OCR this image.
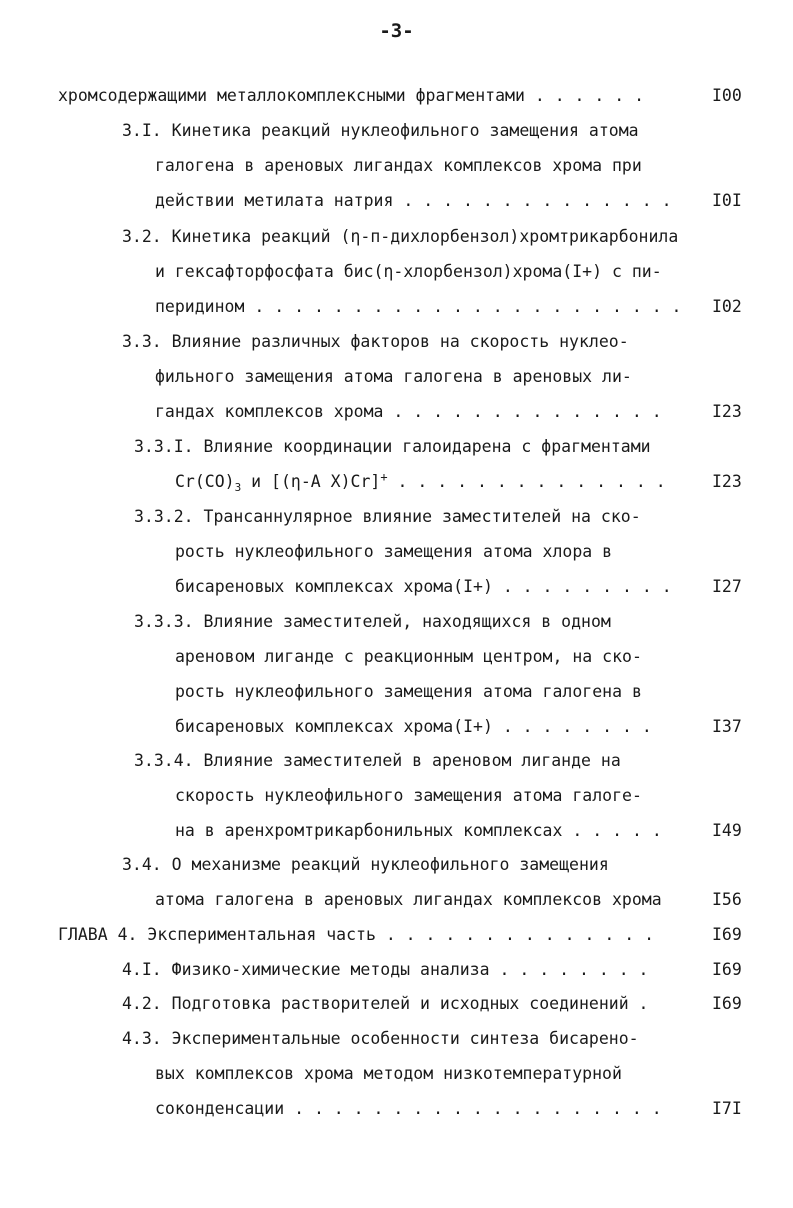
-3-
хромсодержащими металлокомплексными фрагментами . . . . . .	I00
3.I. Кинетика реакций нуклеофильного замещения атома
галогена в ареновых лигандах комплексов хрома при
действии метилата натрия . . . . . . . . . . . . . . I0I
3.2. Кинетика реакций (η-п-дихлорбензол)хромтрикарбонила
и гексафторфосфата бис(η-хлорбензол)хрома(I+) с пи-
перидином . . . . . . . . . . . . . . . . . . . . . . I02
3.3. Влияние различных факторов на скорость нуклео-
фильного замещения атома галогена в ареновых ли-
гандах комплексов хрома . . . . . . . . . . . . . .	I23
3.3.I. Влияние координации галоидарена с фрагментами
$Cr(CO)_3$ и [(η-A X)Cr]+ . . . . . . . . . . . . . .	I23
3.3.2. Трансаннулярное влияние заместителей на ско-
рость нуклеофильного замещения атома хлора в
бисареновых комплексах хрома(I+) . . . . . . . . . I27
3.3.3. Влияние заместителей, находящихся в одном
ареновом лиганде с реакционным центром, на ско-
рость нуклеофильного замещения атома галогена в
бисареновых комплексах хрома(I+) . . . . . . . .	I37
3.3.4. Влияние заместителей в ареновом лиганде на
скорость нуклеофильного замещения атома галоге-
на в аренхромтрикарбонильных комплексах . . . . .	I49
3.4. О механизме реакций нуклеофильного замещения
атома галогена в ареновых лигандах комплексов хрома	I56
ГЛАВА 4. Экспериментальная часть . . . . . . . . . . . . . .	I69
4.I. Физико-химические методы анализа . . . . . . . .	I69
4.2. Подготовка растворителей и исходных соединений .	I69
4.3. Экспериментальные особенности синтеза бисарено-
вых комплексов хрома методом низкотемпературной
соконденсации . . . . . . . . . . . . . . . . . . .	I7I
